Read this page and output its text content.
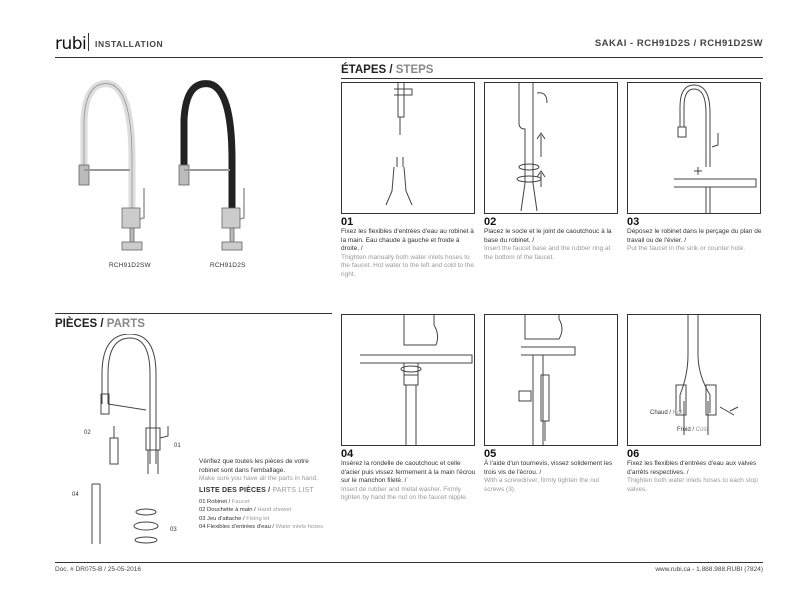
rubi INSTALLATION	SAKAI - RCH91D2S / RCH91D2SW
RCH91D2SW	RCH91D2S
ÉTAPES / STEPS
01
Fixez les flexibles d'entrées d'eau au robinet à la main. Eau chaude à gauche et froide à droite. /
Thighten manually both water inlets hoses to the faucet. Hot water to the left and cold to the right.
02
Placez le socle et le joint de caoutchouc à la base du robinet. /
Insert the faucet base and the rubber ring at the bottom of the faucet.
03
Déposez le robinet dans le perçage du plan de travail ou de l'évier. /
Put the faucet in the sink or counter hole.
04
Insérez la rondelle de caoutchouc et celle d'acier puis vissez fermement à la main l'écrou sur le manchon fileté. /
Insert de rubber and metal washer. Firmly tighten by hand the nut on the faucet nipple.
05
À l'aide d'un tournevis, vissez solidement les trois vis de l'écrou. /
With a screwdriver, firmly tighten the nut screws (3).
Chaud / Hot
Froid / Cold
06
Fixez les flexibles d'entrées d'eau aux valves d'arrêts respectives. /
Thighten both water inlets hoses to each stop valves.
PIÈCES / PARTS
01
02
03
04
Vérifiez que toutes les pièces de votre robinet sont dans l'emballage.
Make sure you have all the parts in hand.
LISTE DES PIÈCES / PARTS LIST
01 Robinet / Faucet
02 Douchette à main / Hand shower
03 Jeu d'attache / Fixing kit
04 Flexibles d'entrées d'eau / Water inlets hoses
Doc. # DR075-B / 25-05-2016	www.rubi.ca - 1.888.988.RUBI (7824)
